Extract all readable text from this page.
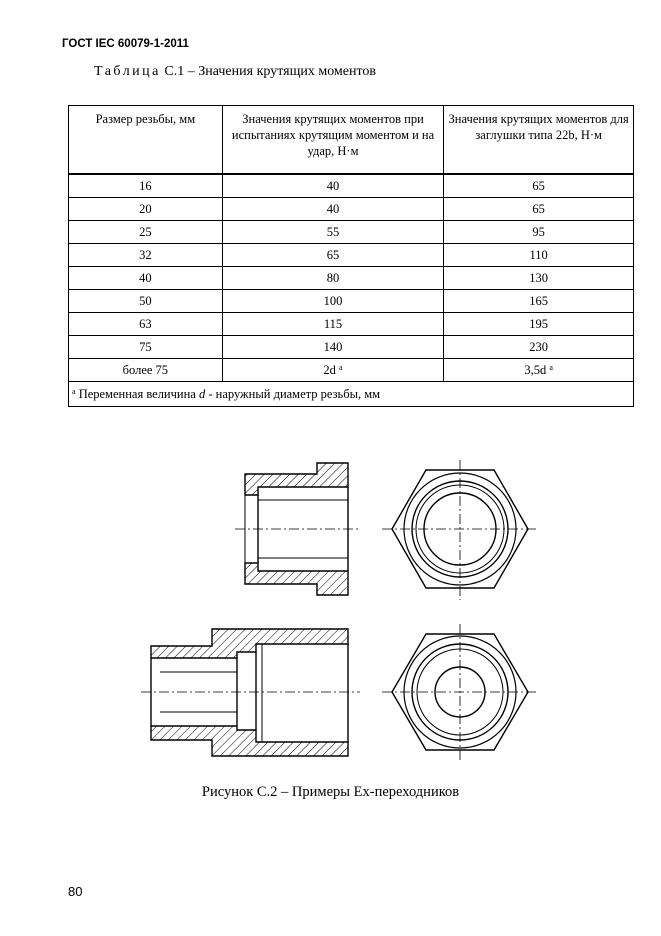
ГОСТ IEC 60079-1-2011
Таблица С.1 – Значения крутящих моментов
Размер резьбы, мм	Значения крутящих моментов при испытаниях крутящим моментом и на удар, Н·м	Значения крутящих моментов для заглушки типа 22b, Н·м
16	40	65
20	40	65
25	55	95
32	65	110
40	80	130
50	100	165
63	115	195
75	140	230
более 75	2d $^a$	3,5d $^a$
$^a$ Переменная величина d - наружный диаметр резьбы, мм		
Рисунок С.2 – Примеры Ех-переходников
80
